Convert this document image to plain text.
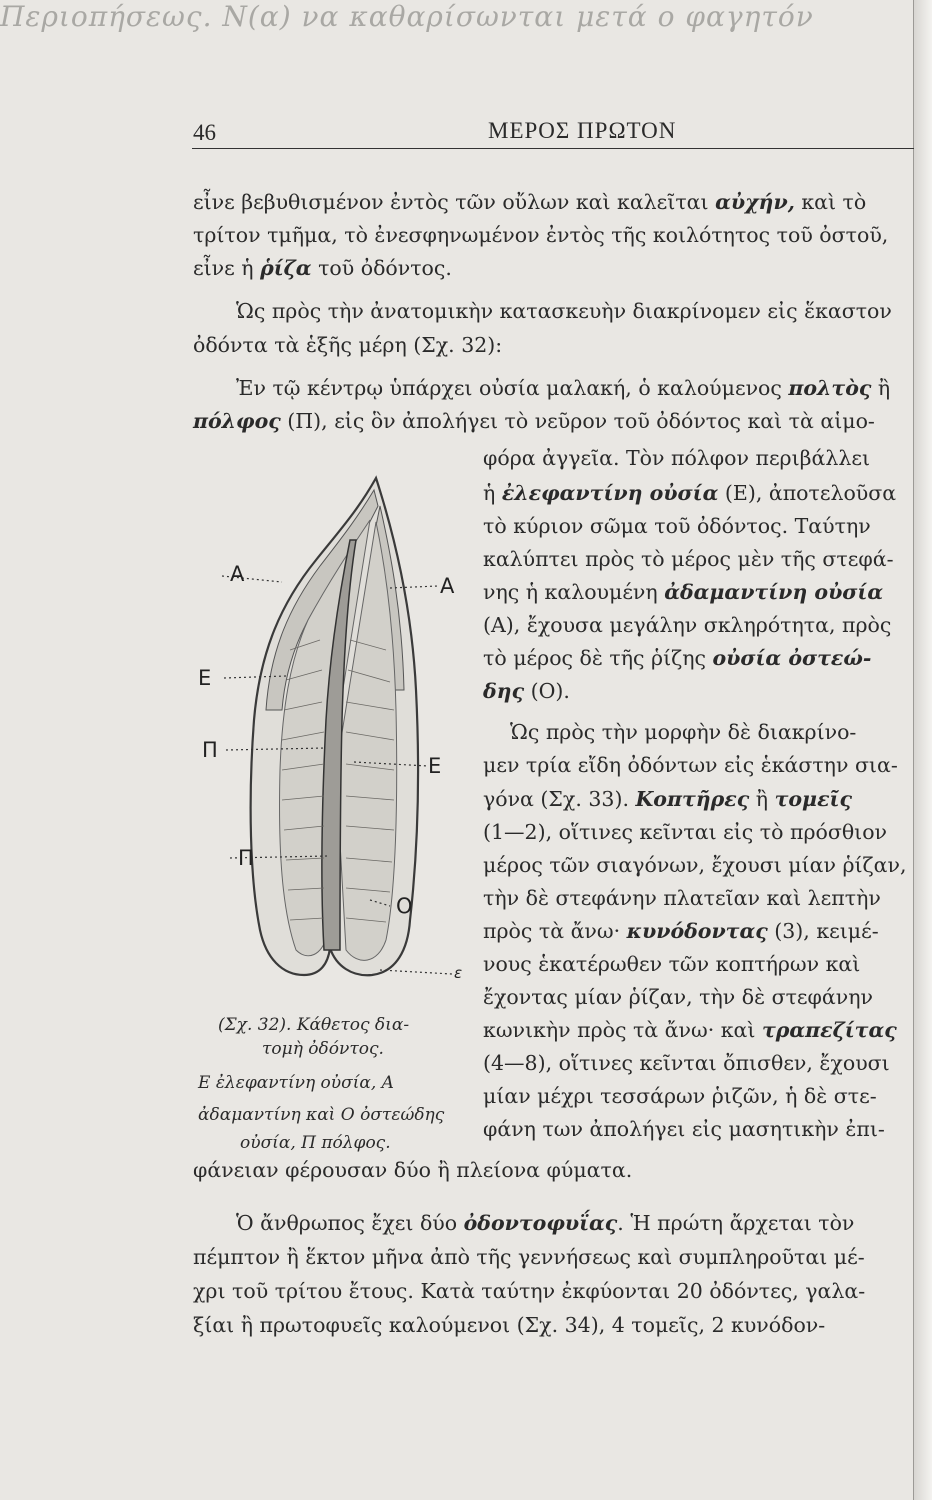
Περιοπήσεως. Ν(α) να καθαρίσωνται μετά ο φαγητόν
46	ΜΕΡΟΣ ΠΡΩΤΟΝ
εἶνε βεβυθισμένον ἐντὸς τῶν οὔλων καὶ καλεῖται αὐχήν, καὶ τὸ
τρίτον τμῆμα, τὸ ἐνεσφηνωμένον ἐντὸς τῆς κοιλότητος τοῦ ὀστοῦ,
εἶνε ἡ ῥίζα τοῦ ὀδόντος.
Ὡς πρὸς τὴν ἀνατομικὴν κατασκευὴν διακρίνομεν εἰς ἕκαστον
ὀδόντα τὰ ἑξῆς μέρη (Σχ. 32):
Ἐν τῷ κέντρῳ ὑπάρχει οὐσία μαλακή, ὁ καλούμενος πολτὸς ἢ
πόλφος (Π), εἰς ὃν ἀπολήγει τὸ νεῦρον τοῦ ὀδόντος καὶ τὰ αἱμο-
φόρα ἀγγεῖα. Τὸν πόλφον περιβάλλει
ἡ ἐλεφαντίνη οὐσία (Ε), ἀποτελοῦσα
τὸ κύριον σῶμα τοῦ ὀδόντος. Ταύτην
καλύπτει πρὸς τὸ μέρος μὲν τῆς στεφά-
νης ἡ καλουμένη ἀδαμαντίνη οὐσία
(Α), ἔχουσα μεγάλην σκληρότητα, πρὸς
τὸ μέρος δὲ τῆς ῥίζης οὐσία ὀστεώ-
δης (Ο).
Ὡς πρὸς τὴν μορφὴν δὲ διακρίνο-
μεν τρία εἴδη ὀδόντων εἰς ἑκάστην σια-
γόνα (Σχ. 33). Κοπτῆρες ἢ τομεῖς
(1—2), οἵτινες κεῖνται εἰς τὸ πρόσθιον
μέρος τῶν σιαγόνων, ἔχουσι μίαν ῥίζαν,
τὴν δὲ στεφάνην πλατεῖαν καὶ λεπτὴν
πρὸς τὰ ἄνω· κυνόδοντας (3), κειμέ-
νους ἑκατέρωθεν τῶν κοπτήρων καὶ
ἔχοντας μίαν ῥίζαν, τὴν δὲ στεφάνην
κωνικὴν πρὸς τὰ ἄνω· καὶ τραπεζίτας
(4—8), οἵτινες κεῖνται ὄπισθεν, ἔχουσι
μίαν μέχρι τεσσάρων ῥιζῶν, ἡ δὲ στε-
φάνη των ἀπολήγει εἰς μασητικὴν ἐπι-
Α	Α
Ε
Π
Ε
Π
Ο
ε
(Σχ. 32). Κάθετος δια-
τομὴ ὀδόντος.
Ε ἐλεφαντίνη οὐσία, Α
ἀδαμαντίνη καὶ Ο ὀστεώδης
οὐσία, Π πόλφος.
φάνειαν φέρουσαν δύο ἢ πλείονα φύματα.
Ὁ ἄνθρωπος ἔχει δύο ὀδοντοφυΐας. Ἡ πρώτη ἄρχεται τὸν
πέμπτον ἢ ἕκτον μῆνα ἀπὸ τῆς γεννήσεως καὶ συμπληροῦται μέ-
χρι τοῦ τρίτου ἔτους. Κατὰ ταύτην ἐκφύονται 20 ὀδόντες, γαλα-
ξίαι ἢ πρωτοφυεῖς καλούμενοι (Σχ. 34), 4 τομεῖς, 2 κυνόδον-
